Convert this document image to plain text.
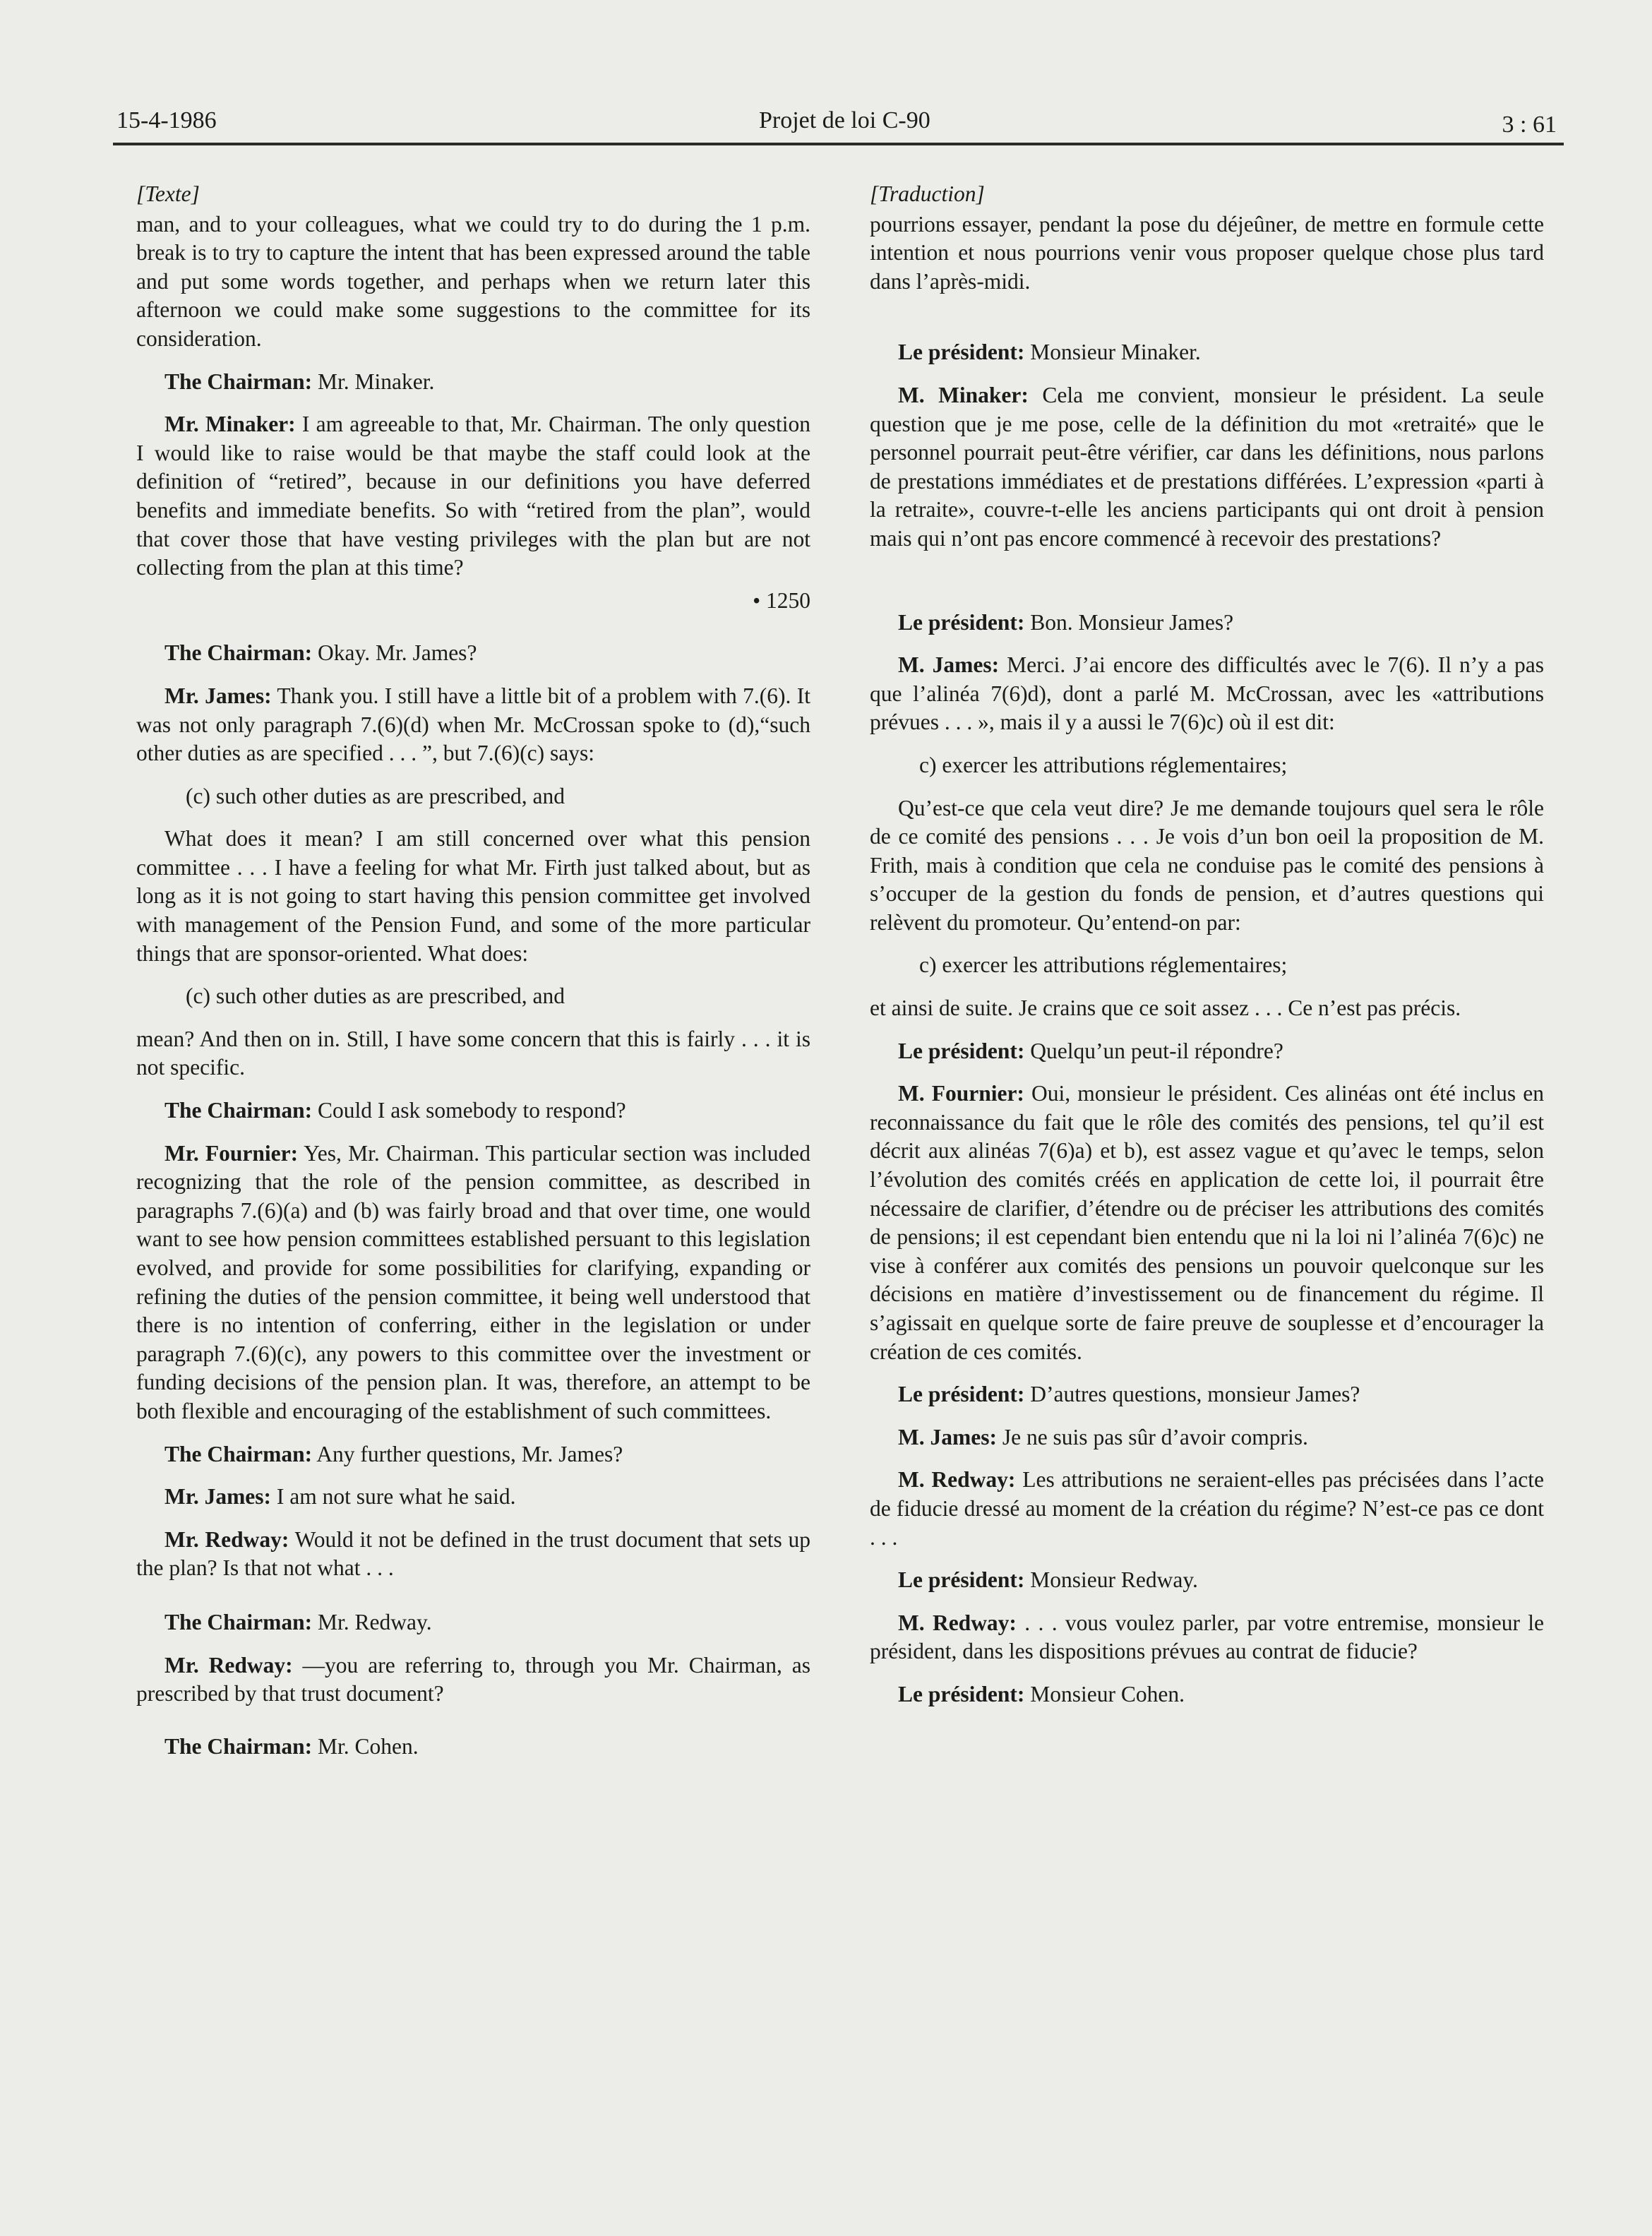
15-4-1986	Projet de loi C-90	3 : 61

[Texte]

man, and to your colleagues, what we could try to do during the 1 p.m. break is to try to capture the intent that has been expressed around the table and put some words together, and perhaps when we return later this afternoon we could make some suggestions to the committee for its consideration.

The Chairman: Mr. Minaker.

Mr. Minaker: I am agreeable to that, Mr. Chairman. The only question I would like to raise would be that maybe the staff could look at the definition of “retired”, because in our definitions you have deferred benefits and immediate benefits. So with “retired from the plan”, would that cover those that have vesting privileges with the plan but are not collecting from the plan at this time?

• 1250

The Chairman: Okay. Mr. James?

Mr. James: Thank you. I still have a little bit of a problem with 7.(6). It was not only paragraph 7.(6)(d) when Mr. McCrossan spoke to (d),“such other duties as are specified . . . ”, but 7.(6)(c) says:

(c) such other duties as are prescribed, and

What does it mean? I am still concerned over what this pension committee . . . I have a feeling for what Mr. Firth just talked about, but as long as it is not going to start having this pension committee get involved with management of the Pension Fund, and some of the more particular things that are sponsor-oriented. What does:

(c) such other duties as are prescribed, and

mean? And then on in. Still, I have some concern that this is fairly . . . it is not specific.

The Chairman: Could I ask somebody to respond?

Mr. Fournier: Yes, Mr. Chairman. This particular section was included recognizing that the role of the pension committee, as described in paragraphs 7.(6)(a) and (b) was fairly broad and that over time, one would want to see how pension committees established persuant to this legislation evolved, and provide for some possibilities for clarifying, expanding or refining the duties of the pension committee, it being well understood that there is no intention of conferring, either in the legislation or under paragraph 7.(6)(c), any powers to this committee over the investment or funding decisions of the pension plan. It was, therefore, an attempt to be both flexible and encouraging of the establishment of such committees.

The Chairman: Any further questions, Mr. James?

Mr. James: I am not sure what he said.

Mr. Redway: Would it not be defined in the trust document that sets up the plan? Is that not what . . .

The Chairman: Mr. Redway.

Mr. Redway: —you are referring to, through you Mr. Chairman, as prescribed by that trust document?

The Chairman: Mr. Cohen.

[Traduction]

pourrions essayer, pendant la pose du déjeûner, de mettre en formule cette intention et nous pourrions venir vous proposer quelque chose plus tard dans l’après-midi.

Le président: Monsieur Minaker.

M. Minaker: Cela me convient, monsieur le président. La seule question que je me pose, celle de la définition du mot «retraité» que le personnel pourrait peut-être vérifier, car dans les définitions, nous parlons de prestations immédiates et de prestations différées. L’expression «parti à la retraite», couvre-t-elle les anciens participants qui ont droit à pension mais qui n’ont pas encore commencé à recevoir des prestations?

Le président: Bon. Monsieur James?

M. James: Merci. J’ai encore des difficultés avec le 7(6). Il n’y a pas que l’alinéa 7(6)d), dont a parlé M. McCrossan, avec les «attributions prévues . . . », mais il y a aussi le 7(6)c) où il est dit:

c) exercer les attributions réglementaires;

Qu’est-ce que cela veut dire? Je me demande toujours quel sera le rôle de ce comité des pensions . . . Je vois d’un bon oeil la proposition de M. Frith, mais à condition que cela ne conduise pas le comité des pensions à s’occuper de la gestion du fonds de pension, et d’autres questions qui relèvent du promoteur. Qu’entend-on par:

c) exercer les attributions réglementaires;

et ainsi de suite. Je crains que ce soit assez . . . Ce n’est pas précis.

Le président: Quelqu’un peut-il répondre?

M. Fournier: Oui, monsieur le président. Ces alinéas ont été inclus en reconnaissance du fait que le rôle des comités des pensions, tel qu’il est décrit aux alinéas 7(6)a) et b), est assez vague et qu’avec le temps, selon l’évolution des comités créés en application de cette loi, il pourrait être nécessaire de clarifier, d’étendre ou de préciser les attributions des comités de pensions; il est cependant bien entendu que ni la loi ni l’alinéa 7(6)c) ne vise à conférer aux comités des pensions un pouvoir quelconque sur les décisions en matière d’investissement ou de financement du régime. Il s’agissait en quelque sorte de faire preuve de souplesse et d’encourager la création de ces comités.

Le président: D’autres questions, monsieur James?

M. James: Je ne suis pas sûr d’avoir compris.

M. Redway: Les attributions ne seraient-elles pas précisées dans l’acte de fiducie dressé au moment de la création du régime? N’est-ce pas ce dont . . .

Le président: Monsieur Redway.

M. Redway: . . . vous voulez parler, par votre entremise, monsieur le président, dans les dispositions prévues au contrat de fiducie?

Le président: Monsieur Cohen.
